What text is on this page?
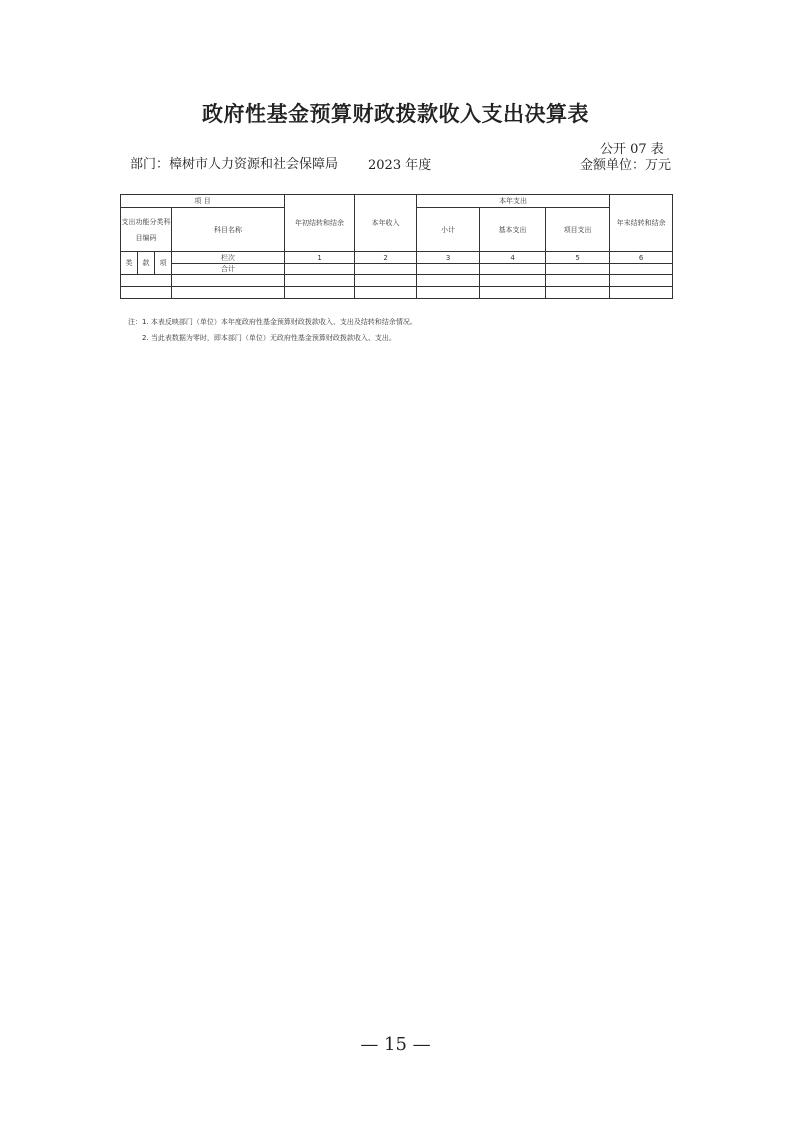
政府性基金预算财政拨款收入支出决算表
公开 07 表
部门：樟树市人力资源和社会保障局	2023 年度	金额单位：万元
项 目				年初结转和结余	本年收入	本年支出			年末结转和结余
支出功能分类科目编码			科目名称			小计	基本支出	项目支出	
类	款	项	栏次	1	2	3	4	5	6
			合计						

注：1. 本表反映部门（单位）本年度政府性基金预算财政拨款收入、支出及结转和结余情况。
2. 当此表数据为零时，即本部门（单位）无政府性基金预算财政拨款收入、支出。
— 15 —
